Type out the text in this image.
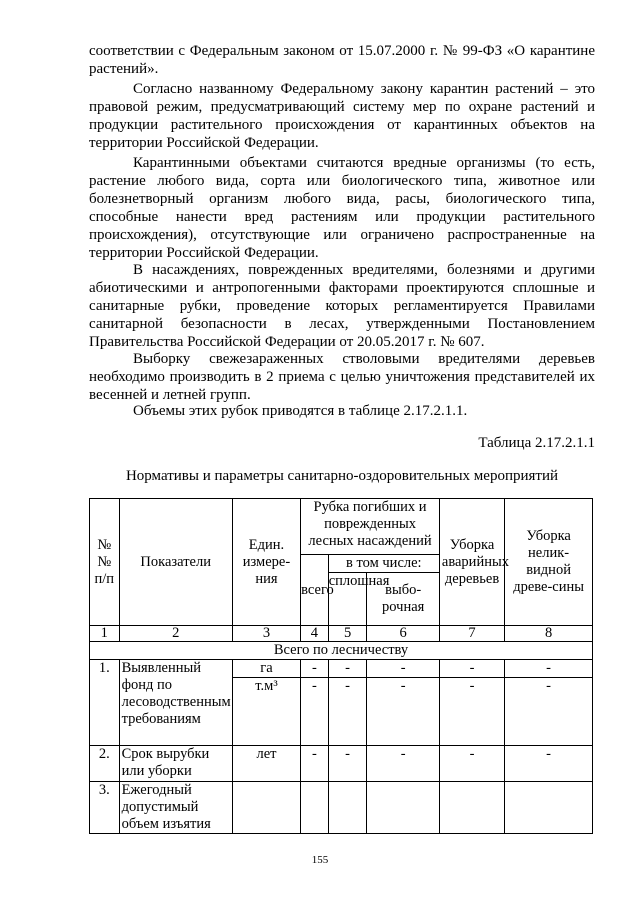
соответствии с Федеральным законом от 15.07.2000 г. № 99-ФЗ «О карантине растений».

Согласно названному Федеральному закону карантин растений – это правовой режим, предусматривающий систему мер по охране растений и продукции растительного происхождения от карантинных объектов на территории Российской Федерации.

Карантинными объектами считаются вредные организмы (то есть, растение любого вида, сорта или биологического типа, животное или болезнетворный организм любого вида, расы, биологического типа, способные нанести вред растениям или продукции растительного происхождения), отсутствующие или ограничено распространенные на территории Российской Федерации.

В насаждениях, поврежденных вредителями, болезнями и другими абиотическими и антропогенными факторами проектируются сплошные и санитарные рубки, проведение которых регламентируется Правилами санитарной безопасности в лесах, утвержденными Постановлением Правительства Российской Федерации от 20.05.2017 г. № 607.

Выборку свежезараженных стволовыми вредителями деревьев необходимо производить в 2 приема с целью уничтожения представителей их весенней и летней групп.

Объемы этих рубок приводятся в таблице 2.17.2.1.1.

Таблица 2.17.2.1.1
Нормативы и параметры санитарно-оздоровительных мероприятий
№ № п/п	Показатели	Един. измере-ния	Рубка погибших и поврежденных лесных насаждений			Уборка аварийных деревьев	Уборка нелик-видной древе-сины
			всего	в том числе:			
				сплошная	выбо-рочная		
1	2	3	4	5	6	7	8
Всего по лесничеству							
1.	Выявленный фонд по лесоводственным требованиям	га	-	-	-	-	-
		т.м³	-	-	-	-	-
2.	Срок вырубки или уборки	лет	-	-	-	-	-
3.	Ежегодный допустимый объем изъятия						
155
